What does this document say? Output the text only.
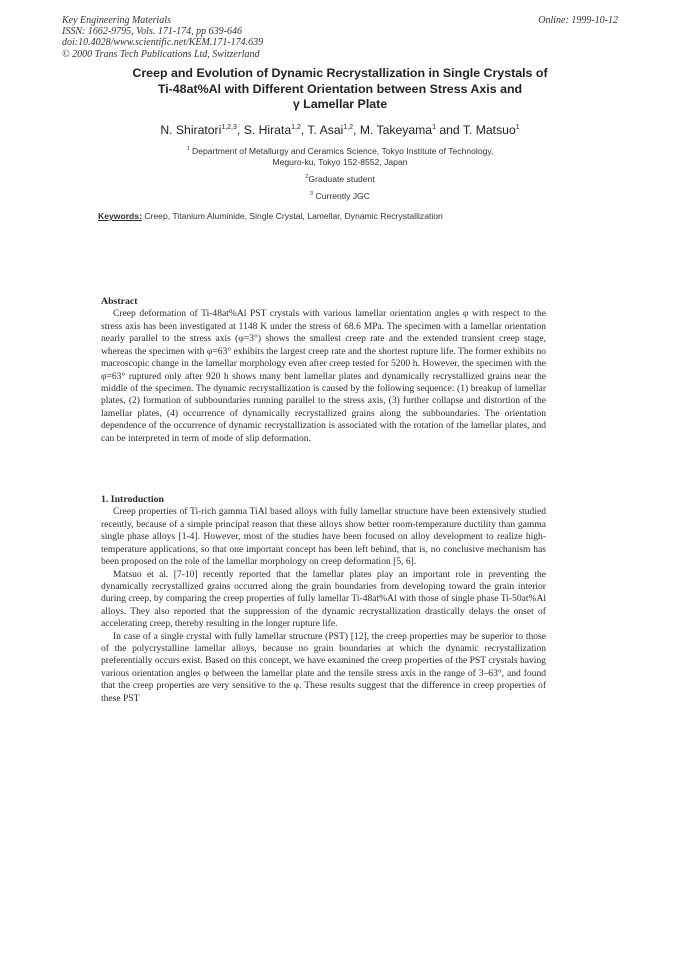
Key Engineering Materials
ISSN: 1662-9795, Vols. 171-174, pp 639-646
doi:10.4028/www.scientific.net/KEM.171-174.639
© 2000 Trans Tech Publications Ltd, Switzerland
Online: 1999-10-12
Creep and Evolution of Dynamic Recrystallization in Single Crystals of
Ti-48at%Al with Different Orientation between Stress Axis and
γ Lamellar Plate
N. Shiratori$^{1,2,3}$, S. Hirata$^{1,2}$, T. Asai$^{1,2}$, M. Takeyama$^1$ and T. Matsuo$^1$
$^1$ Department of Metallurgy and Ceramics Science, Tokyo Institute of Technology,
Meguro-ku, Tokyo 152-8552, Japan
$^2$Graduate student
$^3$ Currently JGC
Keywords: Creep, Titanium Aluminide, Single Crystal, Lamellar, Dynamic Recrystallization
Abstract

Creep deformation of Ti-48at%Al PST crystals with various lamellar orientation angles φ with respect to the stress axis has been investigated at 1148 K under the stress of 68.6 MPa. The specimen with a lamellar orientation nearly parallel to the stress axis (φ=3°) shows the smallest creep rate and the extended transient creep stage, whereas the specimen with φ=63° exhibits the largest creep rate and the shortest rupture life. The former exhibits no macroscopic change in the lamellar morphology even after creep tested for 5200 h. However, the specimen with the φ=63° ruptured only after 920 h shows many bent lamellar plates and dynamically recrystallized grains near the middle of the specimen. The dynamic recrystallization is caused by the following sequence: (1) breakup of lamellar plates, (2) formation of subboundaries running parallel to the stress axis, (3) further collapse and distortion of the lamellar plates, (4) occurrence of dynamically recrystallized grains along the subboundaries. The orientation dependence of the occurrence of dynamic recrystallization is associated with the rotation of the lamellar plates, and can be interpreted in term of mode of slip deformation.

1. Introduction

Creep properties of Ti-rich gamma TiAl based alloys with fully lamellar structure have been extensively studied recently, because of a simple principal reason that these alloys show better room-temperature ductility than gamma single phase alloys [1-4]. However, most of the studies have been focused on alloy development to realize high-temperature applications, so that one important concept has been left behind, that is, no conclusive mechanism has been proposed on the role of the lamellar morphology on creep deformation [5, 6].

Matsuo et al. [7-10] recently reported that the lamellar plates play an important role in preventing the dynamically recrystallized grains occurred along the grain boundaries from developing toward the grain interior during creep, by comparing the creep properties of fully lamellar Ti-48at%Al with those of single phase Ti-50at%Al alloys. They also reported that the suppression of the dynamic recrystallization drastically delays the onset of accelerating creep, thereby resulting in the longer rupture life.

In case of a single crystal with fully lamellar structure (PST) [12], the creep properties may be superior to those of the polycrystalline lamellar alloys, because no grain boundaries at which the dynamic recrystallization preferentially occurs exist. Based on this concept, we have examined the creep properties of the PST crystals having various orientation angles φ between the lamellar plate and the tensile stress axis in the range of 3–63°, and found that the creep properties are very sensitive to the φ. These results suggest that the difference in creep properties of these PST
